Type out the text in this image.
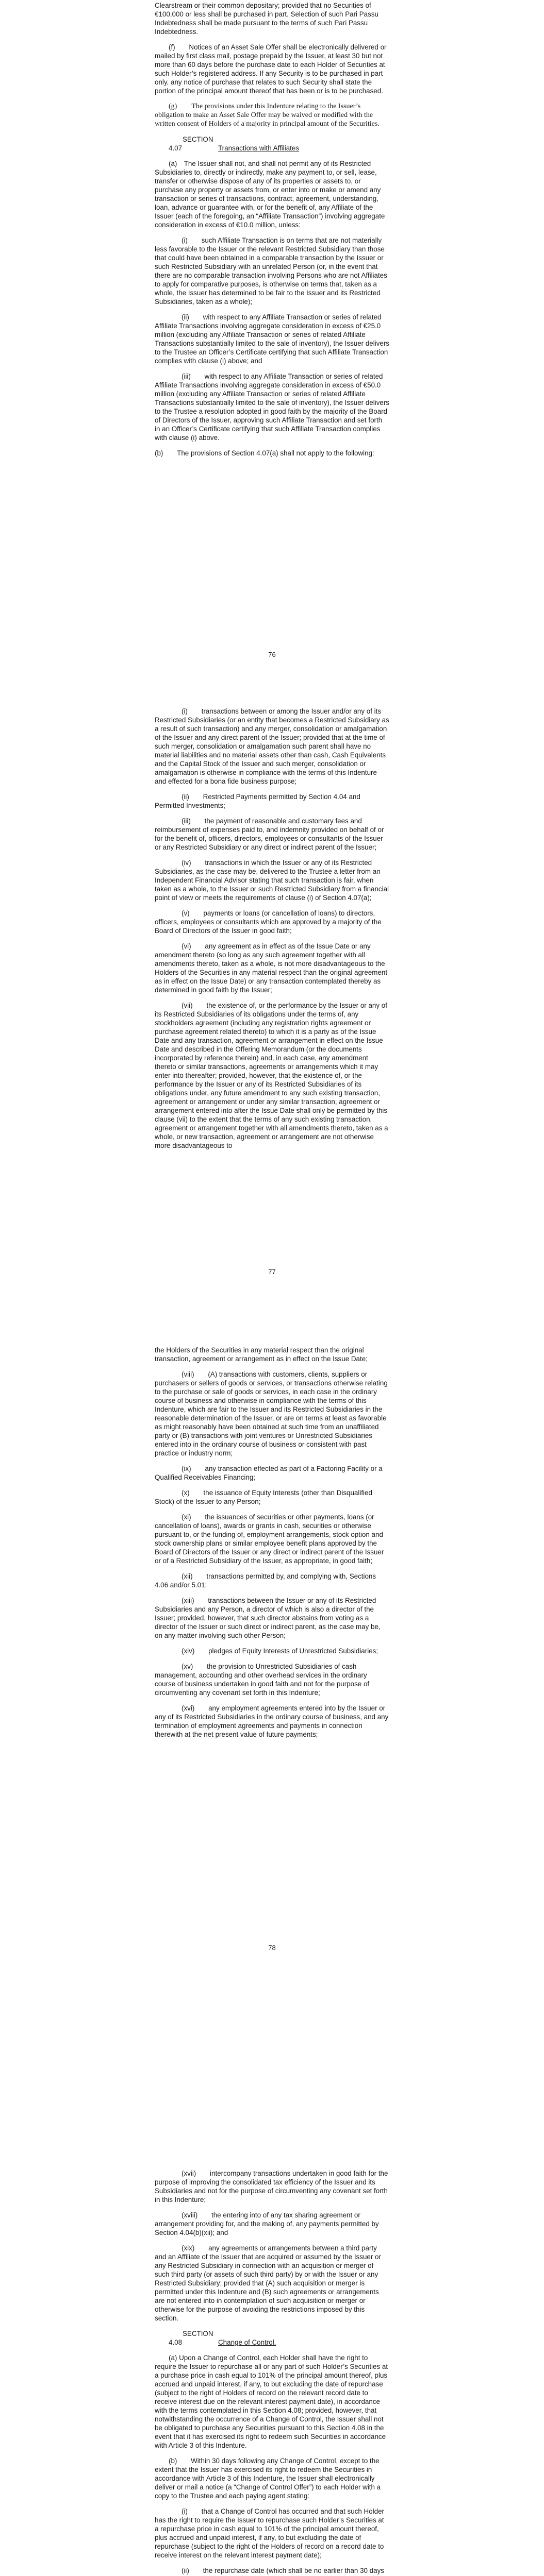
Clearstream or their common depositary; provided that no Securities of €100,000 or less shall be purchased in part. Selection of such Pari Passu Indebtedness shall be made pursuant to the terms of such Pari Passu Indebtedness.

(f)  Notices of an Asset Sale Offer shall be electronically delivered or mailed by first class mail, postage prepaid by the Issuer, at least 30 but not more than 60 days before the purchase date to each Holder of Securities at such Holder’s registered address. If any Security is to be purchased in part only, any notice of purchase that relates to such Security shall state the portion of the principal amount thereof that has been or is to be purchased.

(g)  The provisions under this Indenture relating to the Issuer’s obligation to make an Asset Sale Offer may be waived or modified with the written consent of Holders of a majority in principal amount of the Securities.

SECTION 4.07	Transactions with Affiliates

(a) The Issuer shall not, and shall not permit any of its Restricted Subsidiaries to, directly or indirectly, make any payment to, or sell, lease, transfer or otherwise dispose of any of its properties or assets to, or purchase any property or assets from, or enter into or make or amend any transaction or series of transactions, contract, agreement, understanding, loan, advance or guarantee with, or for the benefit of, any Affiliate of the Issuer (each of the foregoing, an “Affiliate Transaction”) involving aggregate consideration in excess of €10.0 million, unless:

(i)  such Affiliate Transaction is on terms that are not materially less favorable to the Issuer or the relevant Restricted Subsidiary than those that could have been obtained in a comparable transaction by the Issuer or such Restricted Subsidiary with an unrelated Person (or, in the event that there are no comparable transaction involving Persons who are not Affiliates to apply for comparative purposes, is otherwise on terms that, taken as a whole, the Issuer has determined to be fair to the Issuer and its Restricted Subsidiaries, taken as a whole);

(ii)  with respect to any Affiliate Transaction or series of related Affiliate Transactions involving aggregate consideration in excess of €25.0 million (excluding any Affiliate Transaction or series of related Affiliate Transactions substantially limited to the sale of inventory), the Issuer delivers to the Trustee an Officer’s Certificate certifying that such Affiliate Transaction complies with clause (i) above; and

(iii)  with respect to any Affiliate Transaction or series of related Affiliate Transactions involving aggregate consideration in excess of €50.0 million (excluding any Affiliate Transaction or series of related Affiliate Transactions substantially limited to the sale of inventory), the Issuer delivers to the Trustee a resolution adopted in good faith by the majority of the Board of Directors of the Issuer, approving such Affiliate Transaction and set forth in an Officer’s Certificate certifying that such Affiliate Transaction complies with clause (i) above.

(b)  The provisions of Section 4.07(a) shall not apply to the following:

76

(i)  transactions between or among the Issuer and/or any of its Restricted Subsidiaries (or an entity that becomes a Restricted Subsidiary as a result of such transaction) and any merger, consolidation or amalgamation of the Issuer and any direct parent of the Issuer; provided that at the time of such merger, consolidation or amalgamation such parent shall have no material liabilities and no material assets other than cash, Cash Equivalents and the Capital Stock of the Issuer and such merger, consolidation or amalgamation is otherwise in compliance with the terms of this Indenture and effected for a bona fide business purpose;

(ii)  Restricted Payments permitted by Section 4.04 and Permitted Investments;

(iii)  the payment of reasonable and customary fees and reimbursement of expenses paid to, and indemnity provided on behalf of or for the benefit of, officers, directors, employees or consultants of the Issuer or any Restricted Subsidiary or any direct or indirect parent of the Issuer;

(iv)  transactions in which the Issuer or any of its Restricted Subsidiaries, as the case may be, delivered to the Trustee a letter from an Independent Financial Advisor stating that such transaction is fair, when taken as a whole, to the Issuer or such Restricted Subsidiary from a financial point of view or meets the requirements of clause (i) of Section 4.07(a);

(v)  payments or loans (or cancellation of loans) to directors, officers, employees or consultants which are approved by a majority of the Board of Directors of the Issuer in good faith;

(vi)  any agreement as in effect as of the Issue Date or any amendment thereto (so long as any such agreement together with all amendments thereto, taken as a whole, is not more disadvantageous to the Holders of the Securities in any material respect than the original agreement as in effect on the Issue Date) or any transaction contemplated thereby as determined in good faith by the Issuer;

(vii)  the existence of, or the performance by the Issuer or any of its Restricted Subsidiaries of its obligations under the terms of, any stockholders agreement (including any registration rights agreement or purchase agreement related thereto) to which it is a party as of the Issue Date and any transaction, agreement or arrangement in effect on the Issue Date and described in the Offering Memorandum (or the documents incorporated by reference therein) and, in each case, any amendment thereto or similar transactions, agreements or arrangements which it may enter into thereafter; provided, however, that the existence of, or the performance by the Issuer or any of its Restricted Subsidiaries of its obligations under, any future amendment to any such existing transaction, agreement or arrangement or under any similar transaction, agreement or arrangement entered into after the Issue Date shall only be permitted by this clause (vii) to the extent that the terms of any such existing transaction, agreement or arrangement together with all amendments thereto, taken as a whole, or new transaction, agreement or arrangement are not otherwise more disadvantageous to

77

the Holders of the Securities in any material respect than the original transaction, agreement or arrangement as in effect on the Issue Date;

(viii)  (A) transactions with customers, clients, suppliers or purchasers or sellers of goods or services, or transactions otherwise relating to the purchase or sale of goods or services, in each case in the ordinary course of business and otherwise in compliance with the terms of this Indenture, which are fair to the Issuer and its Restricted Subsidiaries in the reasonable determination of the Issuer, or are on terms at least as favorable as might reasonably have been obtained at such time from an unaffiliated party or (B) transactions with joint ventures or Unrestricted Subsidiaries entered into in the ordinary course of business or consistent with past practice or industry norm;

(ix)  any transaction effected as part of a Factoring Facility or a Qualified Receivables Financing;

(x)  the issuance of Equity Interests (other than Disqualified Stock) of the Issuer to any Person;

(xi)  the issuances of securities or other payments, loans (or cancellation of loans), awards or grants in cash, securities or otherwise pursuant to, or the funding of, employment arrangements, stock option and stock ownership plans or similar employee benefit plans approved by the Board of Directors of the Issuer or any direct or indirect parent of the Issuer or of a Restricted Subsidiary of the Issuer, as appropriate, in good faith;

(xii)  transactions permitted by, and complying with, Sections 4.06 and/or 5.01;

(xiii)  transactions between the Issuer or any of its Restricted Subsidiaries and any Person, a director of which is also a director of the Issuer; provided, however, that such director abstains from voting as a director of the Issuer or such direct or indirect parent, as the case may be, on any matter involving such other Person;

(xiv)  pledges of Equity Interests of Unrestricted Subsidiaries;

(xv)  the provision to Unrestricted Subsidiaries of cash management, accounting and other overhead services in the ordinary course of business undertaken in good faith and not for the purpose of circumventing any covenant set forth in this Indenture;

(xvi)  any employment agreements entered into by the Issuer or any of its Restricted Subsidiaries in the ordinary course of business, and any termination of employment agreements and payments in connection therewith at the net present value of future payments;

78

(xvii)  intercompany transactions undertaken in good faith for the purpose of improving the consolidated tax efficiency of the Issuer and its Subsidiaries and not for the purpose of circumventing any covenant set forth in this Indenture;

(xviii)  the entering into of any tax sharing agreement or arrangement providing for, and the making of, any payments permitted by Section 4.04(b)(xii); and

(xix)  any agreements or arrangements between a third party and an Affiliate of the Issuer that are acquired or assumed by the Issuer or any Restricted Subsidiary in connection with an acquisition or merger of such third party (or assets of such third party) by or with the Issuer or any Restricted Subsidiary; provided that (A) such acquisition or merger is permitted under this Indenture and (B) such agreements or arrangements are not entered into in contemplation of such acquisition or merger or otherwise for the purpose of avoiding the restrictions imposed by this section.

SECTION 4.08	Change of Control.

(a) Upon a Change of Control, each Holder shall have the right to require the Issuer to repurchase all or any part of such Holder’s Securities at a purchase price in cash equal to 101% of the principal amount thereof, plus accrued and unpaid interest, if any, to but excluding the date of repurchase (subject to the right of Holders of record on the relevant record date to receive interest due on the relevant interest payment date), in accordance with the terms contemplated in this Section 4.08; provided, however, that notwithstanding the occurrence of a Change of Control, the Issuer shall not be obligated to purchase any Securities pursuant to this Section 4.08 in the event that it has exercised its right to redeem such Securities in accordance with Article 3 of this Indenture.

(b)  Within 30 days following any Change of Control, except to the extent that the Issuer has exercised its right to redeem the Securities in accordance with Article 3 of this Indenture, the Issuer shall electronically deliver or mail a notice (a “Change of Control Offer”) to each Holder with a copy to the Trustee and each paying agent stating:

(i)  that a Change of Control has occurred and that such Holder has the right to require the Issuer to repurchase such Holder’s Securities at a repurchase price in cash equal to 101% of the principal amount thereof, plus accrued and unpaid interest, if any, to but excluding the date of repurchase (subject to the right of the Holders of record on a record date to receive interest on the relevant interest payment date);

(ii)  the repurchase date (which shall be no earlier than 30 days
